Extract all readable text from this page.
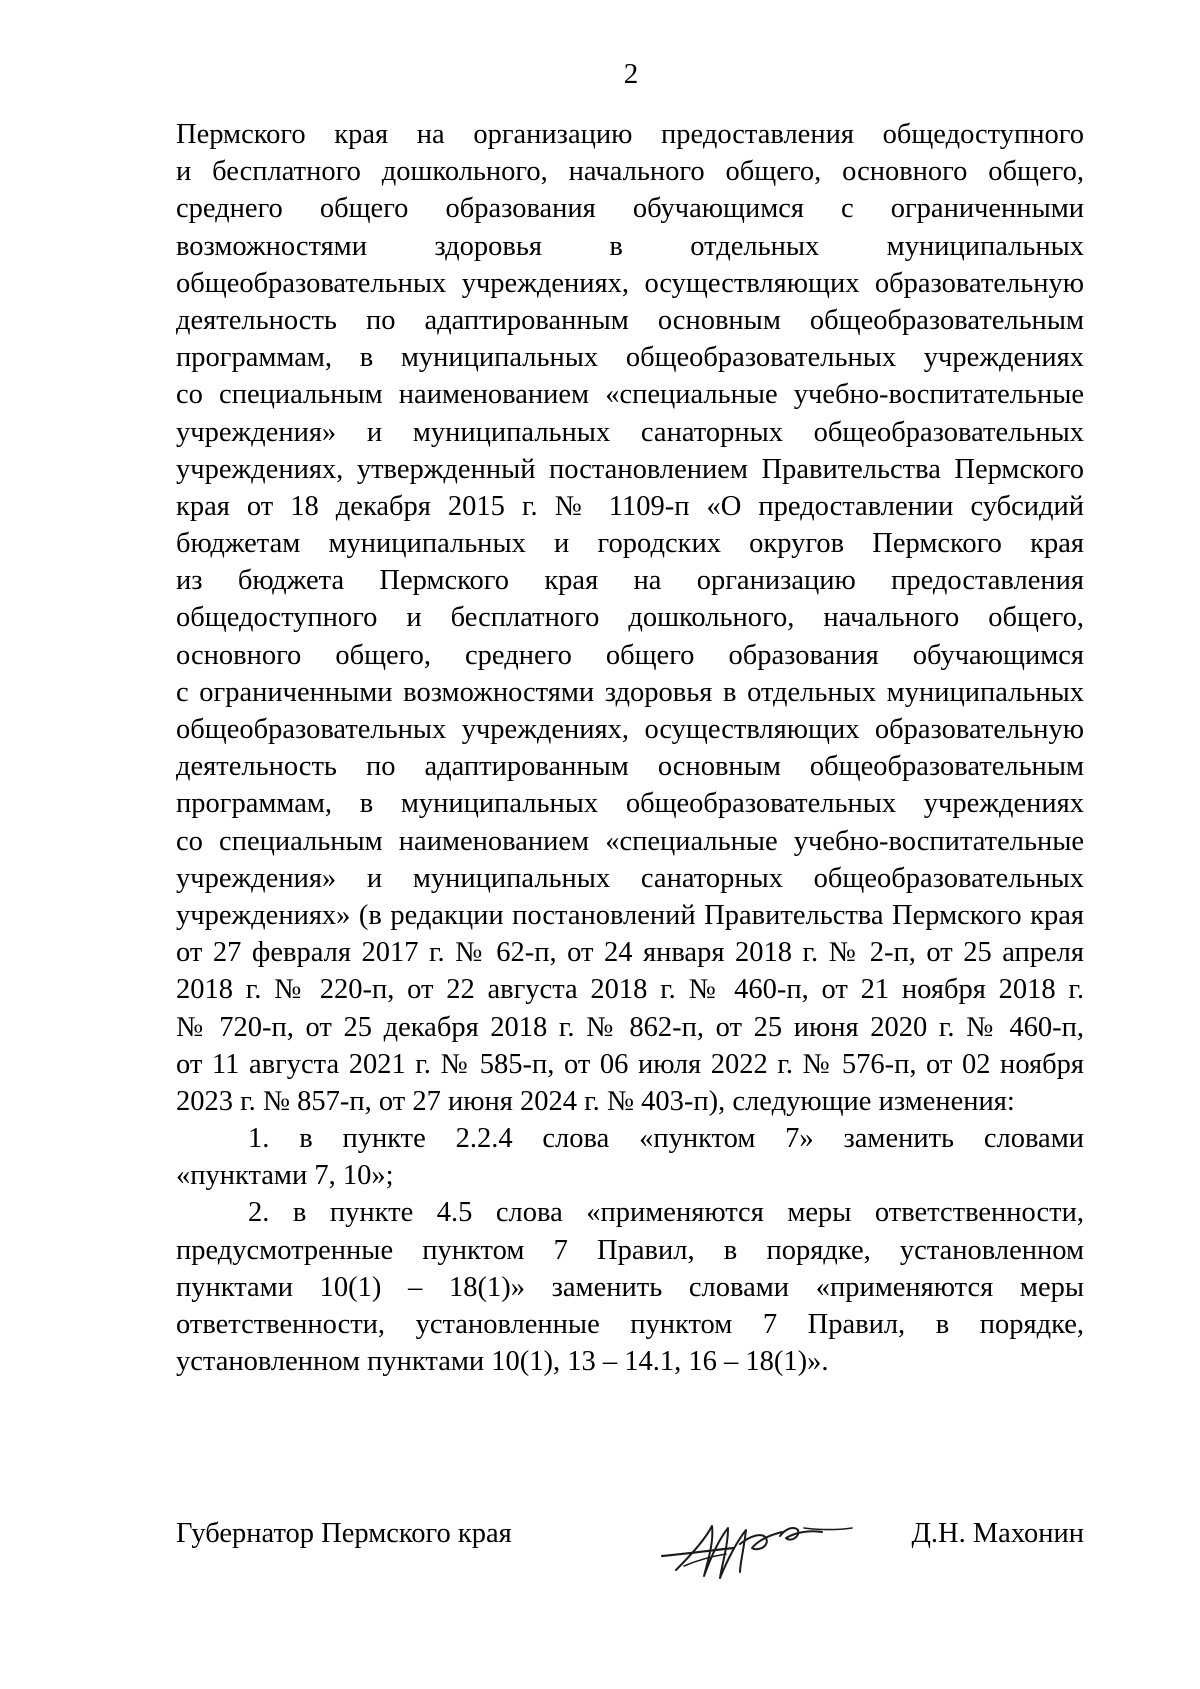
2
Пермского края на организацию предоставления общедоступного
и бесплатного дошкольного, начального общего, основного общего,
среднего общего образования обучающимся с ограниченными
возможностями здоровья в отдельных муниципальных
общеобразовательных учреждениях, осуществляющих образовательную
деятельность по адаптированным основным общеобразовательным
программам, в муниципальных общеобразовательных учреждениях
со специальным наименованием «специальные учебно-воспитательные
учреждения» и муниципальных санаторных общеобразовательных
учреждениях, утвержденный постановлением Правительства Пермского
края от 18 декабря 2015 г. № 1109-п «О предоставлении субсидий
бюджетам муниципальных и городских округов Пермского края
из бюджета Пермского края на организацию предоставления
общедоступного и бесплатного дошкольного, начального общего,
основного общего, среднего общего образования обучающимся
с ограниченными возможностями здоровья в отдельных муниципальных
общеобразовательных учреждениях, осуществляющих образовательную
деятельность по адаптированным основным общеобразовательным
программам, в муниципальных общеобразовательных учреждениях
со специальным наименованием «специальные учебно-воспитательные
учреждения» и муниципальных санаторных общеобразовательных
учреждениях» (в редакции постановлений Правительства Пермского края
от 27 февраля 2017 г. № 62-п, от 24 января 2018 г. № 2-п, от 25 апреля
2018 г. № 220-п, от 22 августа 2018 г. № 460-п, от 21 ноября 2018 г.
№ 720-п, от 25 декабря 2018 г. № 862-п, от 25 июня 2020 г. № 460-п,
от 11 августа 2021 г. № 585-п, от 06 июля 2022 г. № 576-п, от 02 ноября
2023 г. № 857-п, от 27 июня 2024 г. № 403-п), следующие изменения:
1. в пункте 2.2.4 слова «пунктом 7» заменить словами
«пунктами 7, 10»;
2. в пункте 4.5 слова «применяются меры ответственности,
предусмотренные пунктом 7 Правил, в порядке, установленном
пунктами 10(1) – 18(1)» заменить словами «применяются меры
ответственности, установленные пунктом 7 Правил, в порядке,
установленном пунктами 10(1), 13 – 14.1, 16 – 18(1)».
Губернатор Пермского края	Д.Н. Махонин
